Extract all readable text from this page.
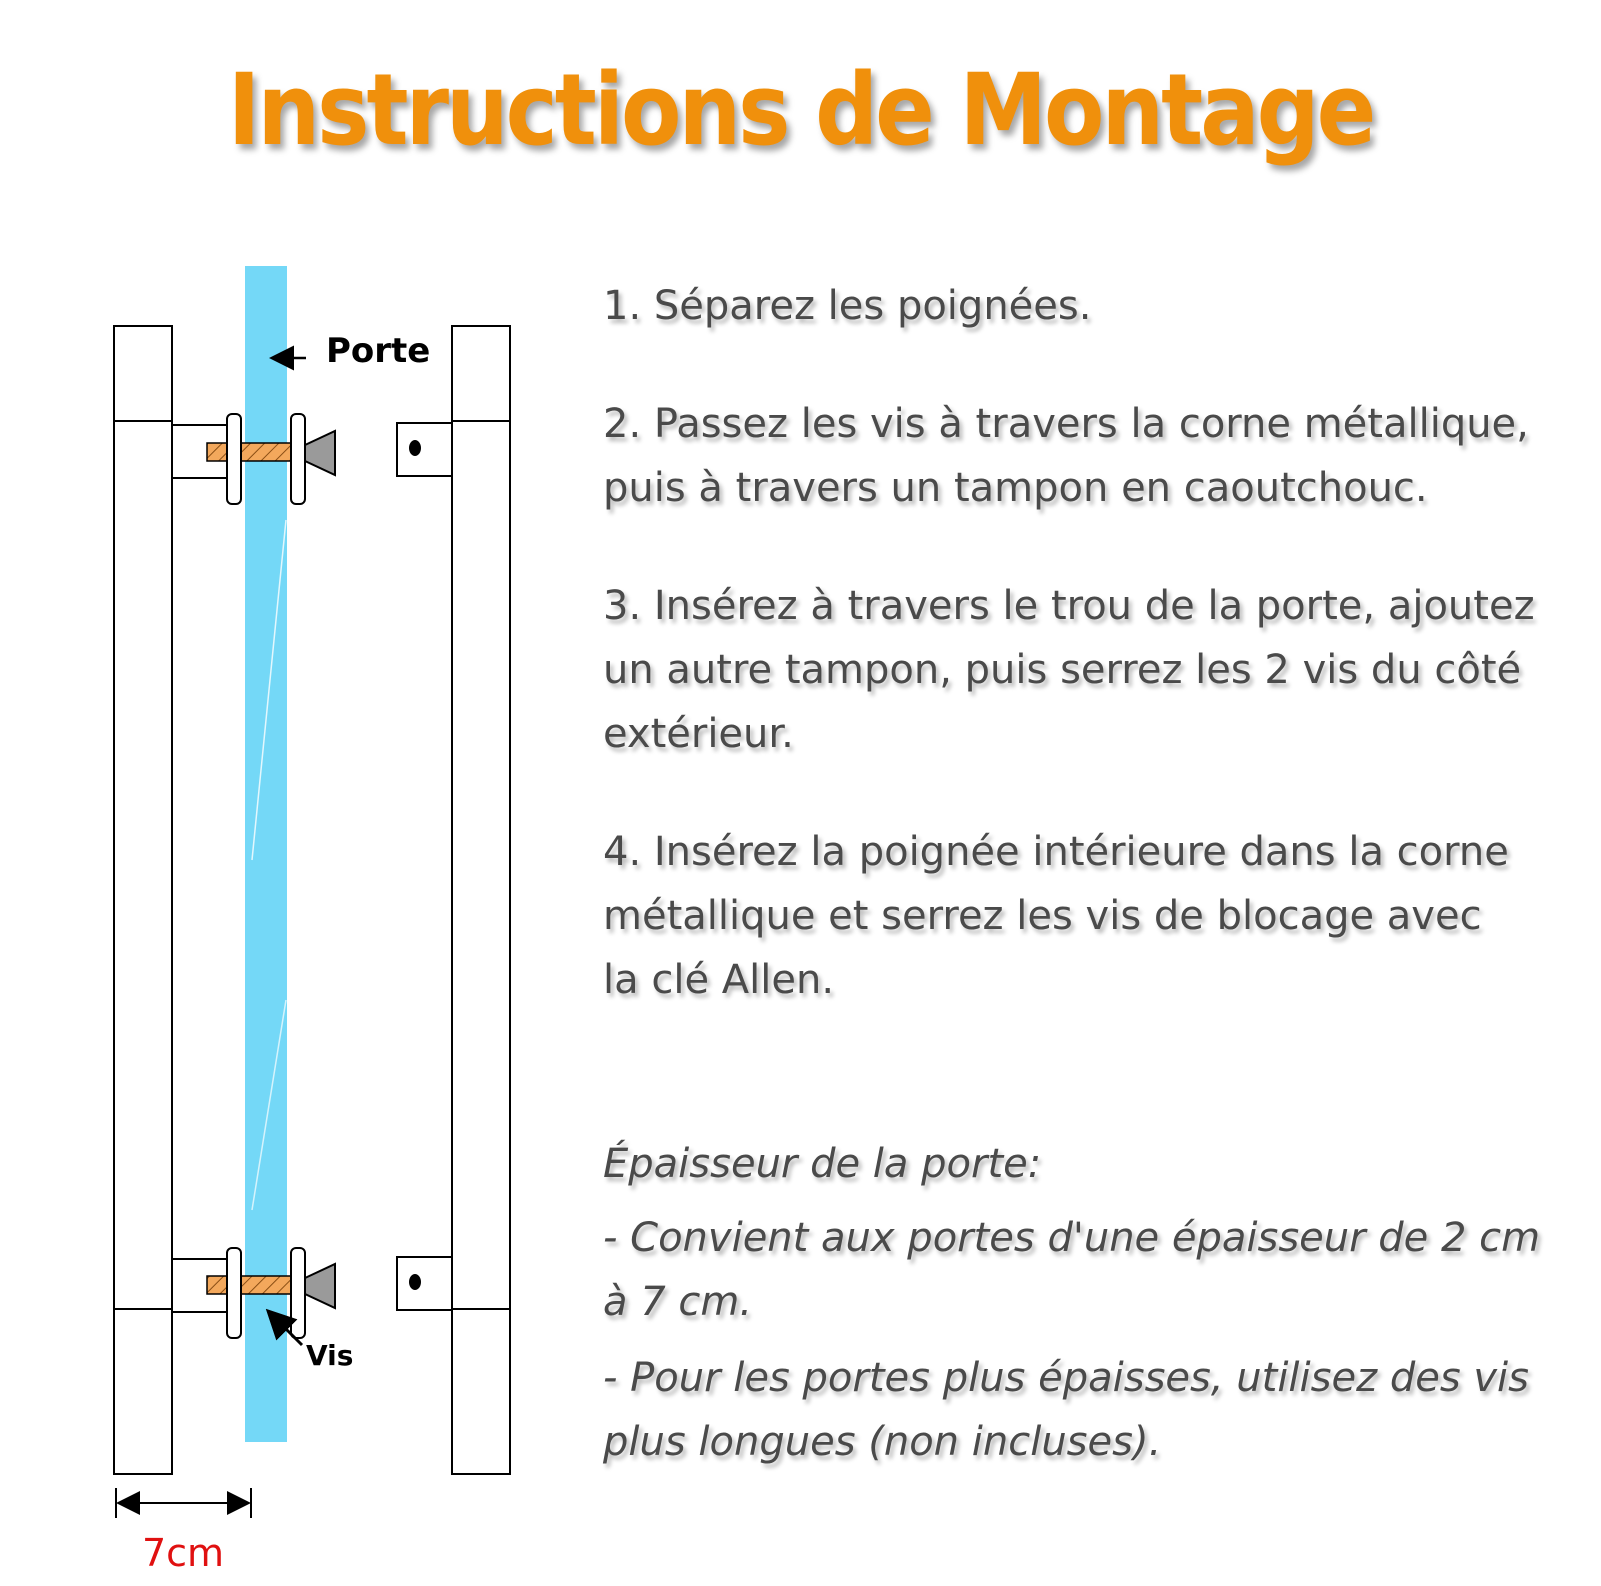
Instructions de Montage
Porte
Vis
7cm
1. Séparez les poignées.
2. Passez les vis à travers la corne métallique,
puis à travers un tampon en caoutchouc.
3. Insérez à travers le trou de la porte, ajoutez
un autre tampon, puis serrez les 2 vis du côté
extérieur.
4. Insérez la poignée intérieure dans la corne
métallique et serrez les vis de blocage avec
la clé Allen.
Épaisseur de la porte:
- Convient aux portes d'une épaisseur de 2 cm
à 7 cm.
- Pour les portes plus épaisses, utilisez des vis
plus longues (non incluses).
